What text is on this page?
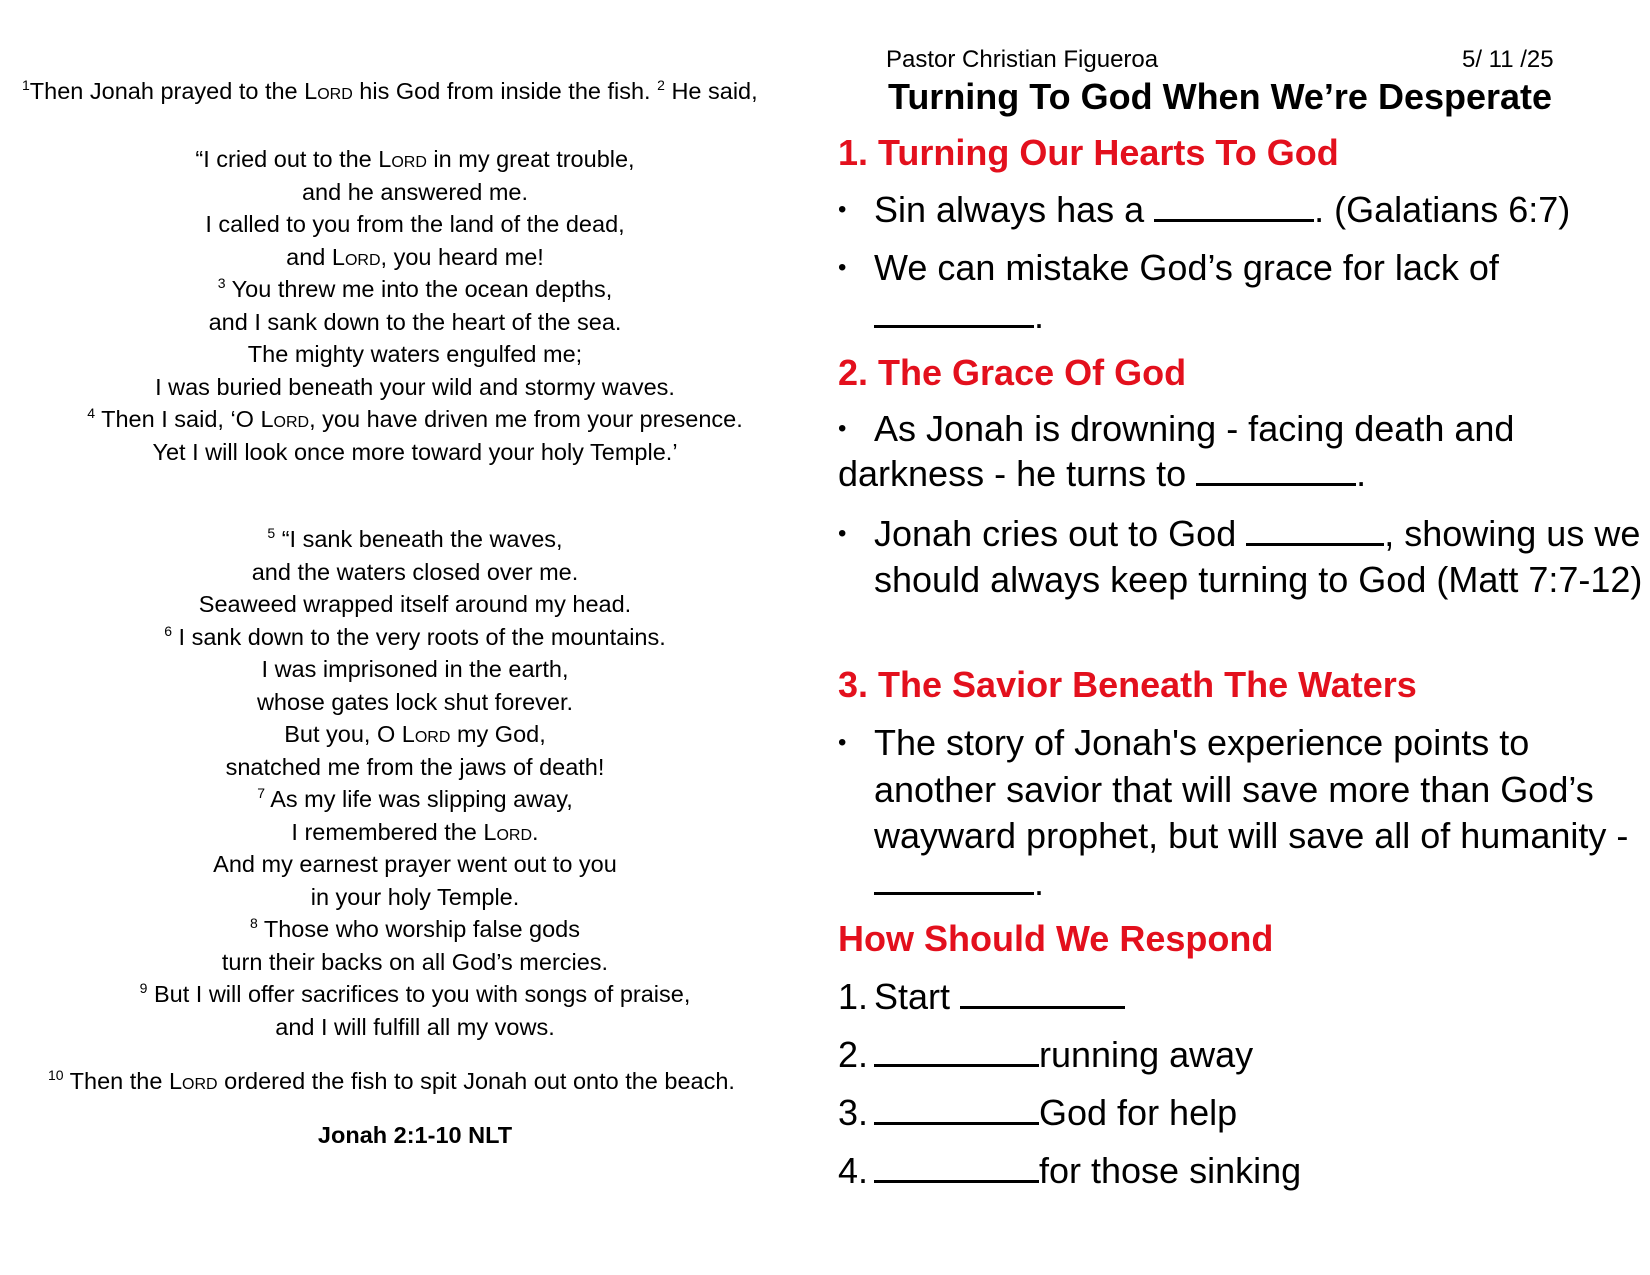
$^1$Then Jonah prayed to the Lord his God from inside the fish. $^2$ He said,
“I cried out to the Lord in my great trouble,
and he answered me.
I called to you from the land of the dead,
and Lord, you heard me!
$^3$ You threw me into the ocean depths,
and I sank down to the heart of the sea.
The mighty waters engulfed me;
I was buried beneath your wild and stormy waves.
$^4$ Then I said, ‘O Lord, you have driven me from your presence.
Yet I will look once more toward your holy Temple.’
$^5$ “I sank beneath the waves,
and the waters closed over me.
Seaweed wrapped itself around my head.
$^6$ I sank down to the very roots of the mountains.
I was imprisoned in the earth,
whose gates lock shut forever.
But you, O Lord my God,
snatched me from the jaws of death!
$^7$ As my life was slipping away,
I remembered the Lord.
And my earnest prayer went out to you
in your holy Temple.
$^8$ Those who worship false gods
turn their backs on all God’s mercies.
$^9$ But I will offer sacrifices to you with songs of praise,
and I will fulfill all my vows.
$^{10}$ Then the Lord ordered the fish to spit Jonah out onto the beach.
Jonah 2:1-10 NLT
Pastor Christian Figueroa	5/ 11 /25
Turning To God When We’re Desperate
1. Turning Our Hearts To God
• Sin always has a	. (Galatians 6:7)
• We can mistake God’s grace for lack of .
2. The Grace Of God
• As Jonah is drowning - facing death and darkness - he turns to	.
• Jonah cries out to God	, showing us we should always keep turning to God (Matt 7:7-12)
3. The Savior Beneath The Waters
• The story of Jonah's experience points to another savior that will save more than God’s wayward prophet, but will save all of humanity - .
How Should We Respond
1. Start
2.	running away
3.	God for help
4.	for those sinking
